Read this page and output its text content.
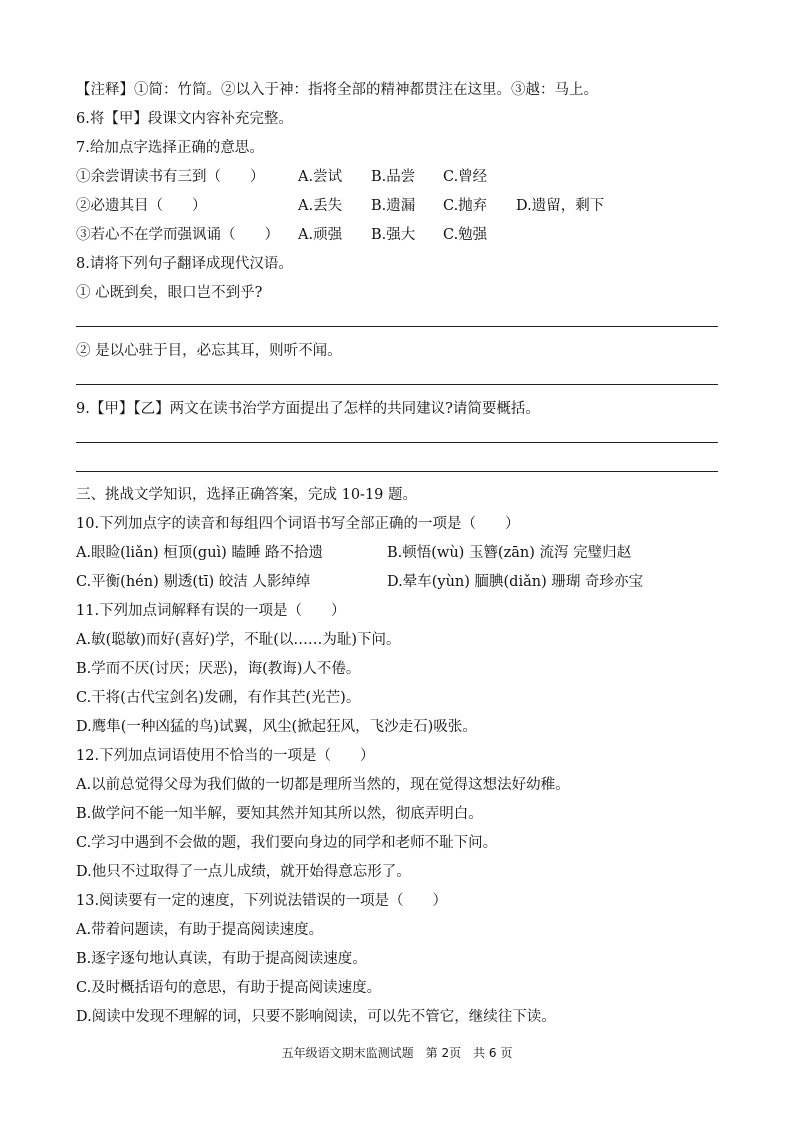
【注释】①简：竹简。②以入于神：指将全部的精神都贯注在这里。③越：马上。
6.将【甲】段课文内容补充完整。
7.给加点字选择正确的意思。
①余尝谓读书有三到（　　） A.尝试 B.品尝 C.曾经
②必遗其目（　　）	A.丢失 B.遗漏 C.抛弃 D.遗留，剩下
③若心不在学而强讽诵（　　） A.顽强 B.强大 C.勉强
8.请将下列句子翻译成现代汉语。
① 心既到矣，眼口岂不到乎?
② 是以心驻于目，必忘其耳，则听不闻。
9.【甲】【乙】两文在读书治学方面提出了怎样的共同建议?请简要概括。
三、挑战文学知识，选择正确答案，完成 10-19 题。
10.下列加点字的读音和每组四个词语书写全部正确的一项是（　　）
A.眼睑(liǎn) 桓顶(guì) 瞌睡 路不拾遗	B.顿悟(wù) 玉簪(zān) 流泻 完璧归赵
C.平衡(hén) 剔透(tī) 皎洁 人影绰绰	D.晕车(yùn) 腼腆(diǎn) 珊瑚 奇珍亦宝
11.下列加点词解释有误的一项是（　　）
A.敏(聪敏)而好(喜好)学，不耻(以……为耻)下问。
B.学而不厌(讨厌；厌恶)，诲(教诲)人不倦。
C.干将(古代宝剑名)发硎，有作其芒(光芒)。
D.鹰隼(一种凶猛的鸟)试翼，风尘(掀起狂风，飞沙走石)吸张。
12.下列加点词语使用不恰当的一项是（　　）
A.以前总觉得父母为我们做的一切都是理所当然的，现在觉得这想法好幼稚。
B.做学问不能一知半解，要知其然并知其所以然，彻底弄明白。
C.学习中遇到不会做的题，我们要向身边的同学和老师不耻下问。
D.他只不过取得了一点儿成绩，就开始得意忘形了。
13.阅读要有一定的速度，下列说法错误的一项是（　　）
A.带着问题读，有助于提高阅读速度。
B.逐字逐句地认真读，有助于提高阅读速度。
C.及时概括语句的意思，有助于提高阅读速度。
D.阅读中发现不理解的词，只要不影响阅读，可以先不管它，继续往下读。
五年级语文期末监测试题　第 2页　共 6 页
